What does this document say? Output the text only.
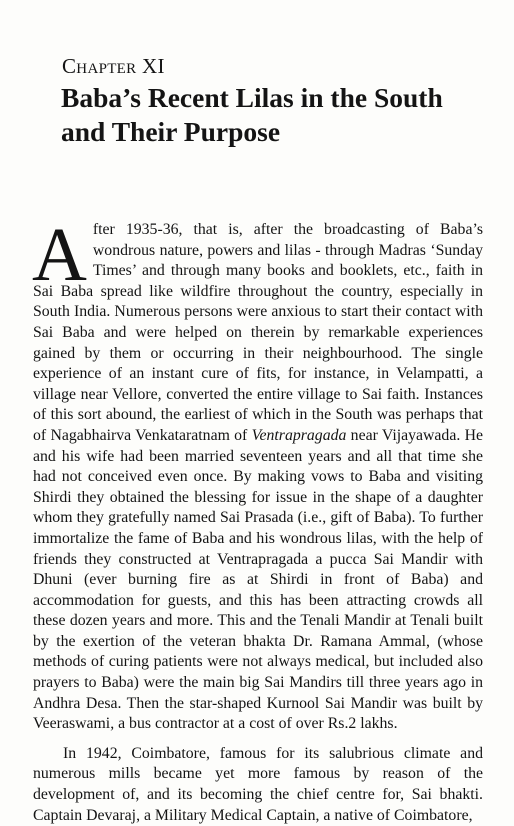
Chapter XI
Baba’s Recent Lilas in the South and Their Purpose

After 1935-36, that is, after the broadcasting of Baba’s wondrous nature, powers and lilas - through Madras ‘Sunday Times’ and through many books and booklets, etc., faith in Sai Baba spread like wildfire throughout the country, especially in South India. Numerous persons were anxious to start their contact with Sai Baba and were helped on therein by remarkable experiences gained by them or occurring in their neighbourhood. The single experience of an instant cure of fits, for instance, in Velampatti, a village near Vellore, converted the entire village to Sai faith. Instances of this sort abound, the earliest of which in the South was perhaps that of Nagabhairva Venkataratnam of Ventrapragada near Vijayawada. He and his wife had been married seventeen years and all that time she had not conceived even once. By making vows to Baba and visiting Shirdi they obtained the blessing for issue in the shape of a daughter whom they gratefully named Sai Prasada (i.e., gift of Baba). To further immortalize the fame of Baba and his wondrous lilas, with the help of friends they constructed at Ventrapragada a pucca Sai Mandir with Dhuni (ever burning fire as at Shirdi in front of Baba) and accommodation for guests, and this has been attracting crowds all these dozen years and more. This and the Tenali Mandir at Tenali built by the exertion of the veteran bhakta Dr. Ramana Ammal, (whose methods of curing patients were not always medical, but included also prayers to Baba) were the main big Sai Mandirs till three years ago in Andhra Desa. Then the star-shaped Kurnool Sai Mandir was built by Veeraswami, a bus contractor at a cost of over Rs.2 lakhs.

In 1942, Coimbatore, famous for its salubrious climate and numerous mills became yet more famous by reason of the development of, and its becoming the chief centre for, Sai bhakti. Captain Devaraj, a Military Medical Captain, a native of Coimbatore,
